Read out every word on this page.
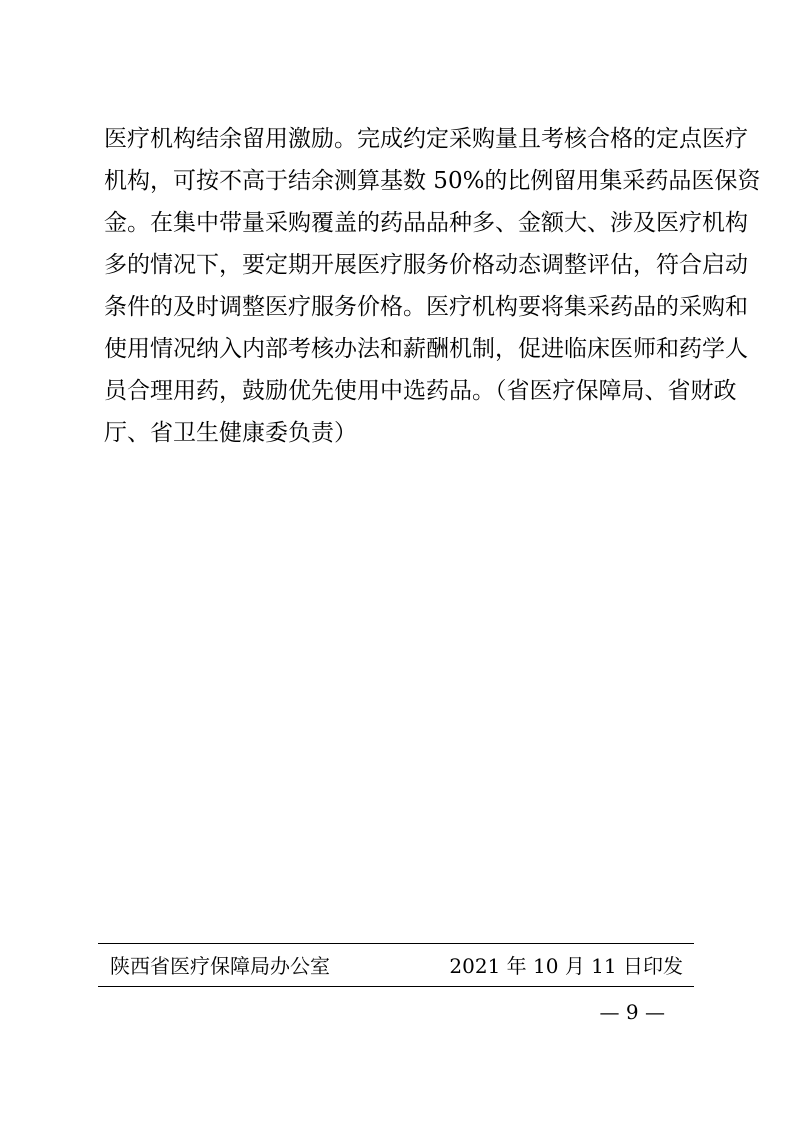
医疗机构结余留用激励。完成约定采购量且考核合格的定点医疗
机构，可按不高于结余测算基数 50%的比例留用集采药品医保资
金。在集中带量采购覆盖的药品品种多、金额大、涉及医疗机构
多的情况下，要定期开展医疗服务价格动态调整评估，符合启动
条件的及时调整医疗服务价格。医疗机构要将集采药品的采购和
使用情况纳入内部考核办法和薪酬机制，促进临床医师和药学人
员合理用药，鼓励优先使用中选药品。（省医疗保障局、省财政
厅、省卫生健康委负责）
陕西省医疗保障局办公室	2021 年 10 月 11 日印发
— 9 —
